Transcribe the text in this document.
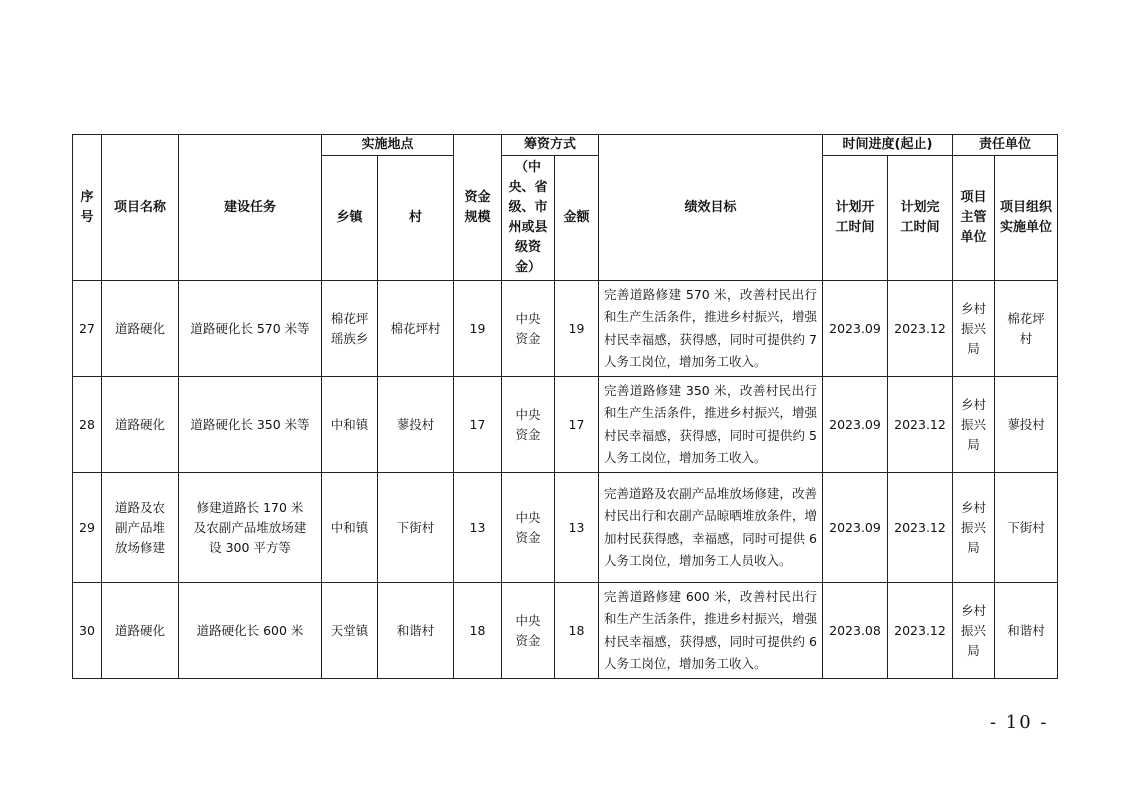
序号	项目名称	建设任务	实施地点		资金规模	筹资方式		绩效目标	时间进度(起止)		责任单位	
			乡镇	村		（中央、省级、市州或县级资金）	金额		计划开工时间	计划完工时间	项目主管单位	项目组织实施单位
27	道路硬化	道路硬化长 570 米等	棉花坪瑶族乡	棉花坪村	19	中央资金	19	完善道路修建 570 米，改善村民出行和生产生活条件，推进乡村振兴，增强村民幸福感，获得感，同时可提供约 7 人务工岗位，增加务工收入。	2023.09	2023.12	乡村振兴局	棉花坪村
28	道路硬化	道路硬化长 350 米等	中和镇	蓼投村	17	中央资金	17	完善道路修建 350 米，改善村民出行和生产生活条件，推进乡村振兴，增强村民幸福感，获得感，同时可提供约 5 人务工岗位，增加务工收入。	2023.09	2023.12	乡村振兴局	蓼投村
29	道路及农副产品堆放场修建	修建道路长 170 米及农副产品堆放场建设 300 平方等	中和镇	下街村	13	中央资金	13	完善道路及农副产品堆放场修建，改善村民出行和农副产品晾晒堆放条件，增加村民获得感，幸福感，同时可提供 6 人务工岗位，增加务工人员收入。	2023.09	2023.12	乡村振兴局	下街村
30	道路硬化	道路硬化长 600 米	天堂镇	和谐村	18	中央资金	18	完善道路修建 600 米，改善村民出行和生产生活条件，推进乡村振兴，增强村民幸福感，获得感，同时可提供约 6 人务工岗位，增加务工收入。	2023.08	2023.12	乡村振兴局	和谐村
- 10 -
